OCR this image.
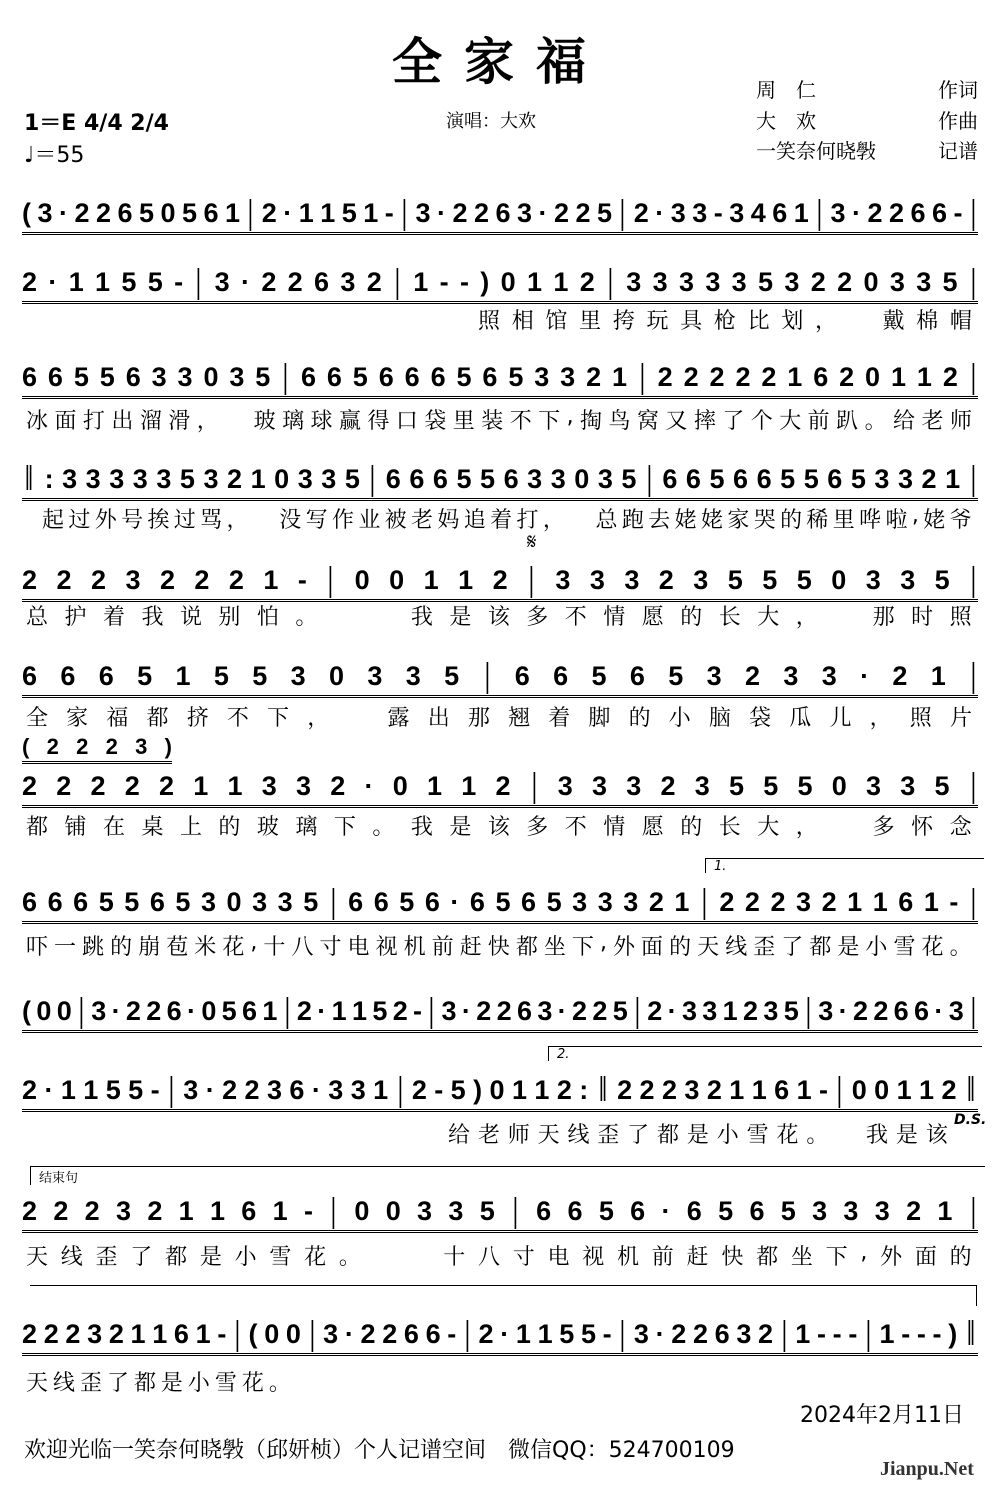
全家福
1＝E 4/4 2/4
♩＝55
演唱：大欢
周　仁	作词
大　欢	作曲
一笑奈何晓斅	记谱
( 3 · 2 2 6 5 0 5 6 1 | 2 · 1 1 5 1 - | 3 · 2 2 6 3 · 2 2 5 | 2 · 3 3 - 3 4 6 1 | 3 · 2 2 6 6 - |
2 · 1 1 5 5 - | 3 · 2 2 6 3 2 | 1 - - ) 0 1 1 2 | 3 3 3 3 3 5 3 2 2 0 3 3 5 |
照 相 馆 里 挎 玩 具 枪 比 划 ，
　 戴 棉 帽
6 6 5 5 6 3 3 0 3 5 | 6 6 5 6 6 6 5 6 5 3 3 2 1 | 2 2 2 2 2 1 6 2 0 1 1 2 |
冰 面 打 出 溜 滑 ，
　 玻 璃 球 赢 得 口 袋 里 装 不 下 , 掏 鸟 窝 又 摔 了 个 大 前 趴 。 给 老 师
‖ : 3 3 3 3 3 5 3 2 1 0 3 3 5 | 6 6 6 5 5 6 3 3 0 3 5 | 6 6 5 6 6 5 5 6 5 3 3 2 1 |
起 过 外 号 挨 过 骂 ，
　 没 写 作 业 被 老 妈 追 着 打 ，
　 总 跑 去 姥 姥 家 哭 的 稀 里 哗 啦 , 姥 爷
𝄋
2 2 2 3 2 2 2 1 - | 0 0 1 1 2 | 3 3 3 2 3 5 5 5 0 3 3 5 |
总 护 着 我 说 别 怕 。

　	我 是 该 多 不 情 愿 的 长 大 ，
　 那 时 照
6 6 6 5 1 5 5 3 0 3 3 5 | 6 6 5 6 5 3 2 3 3 · 2 1 |
全 家 福 都 挤 不 下 ，
　	露 出 那 翘 着 脚 的 小 脑 袋 瓜 儿 ， 照 片
( 2 2 2 3 )
2 2 2 2 2 1 1 3 3 2 · 0 1 1 2 | 3 3 3 2 3 5 5 5 0 3 3 5 |
都 铺 在 桌 上 的 玻 璃 下 。 我 是 该 多 不 情 愿 的 长 大 ，
　 多 怀 念
1.
6 6 6 5 5 6 5 3 0 3 3 5 | 6 6 5 6 · 6 5 6 5 3 3 3 2 1 | 2 2 2 3 2 1 1 6 1 - |
吓 一 跳 的 崩 苞 米 花 , 十 八 寸 电 视 机 前 赶 快 都 坐 下 , 外 面 的 天 线 歪 了 都 是 小 雪 花 。
( 0 0 | 3 · 2 2 6 · 0 5 6 1 | 2 · 1 1 5 2 - | 3 · 2 2 6 3 · 2 2 5 | 2 · 3 3 1 2 3 5 | 3 · 2 2 6 6 · 3 |
2.
2 · 1 1 5 5 - | 3 · 2 2 3 6 · 3 3 1 | 2 - 5 ) 0 1 1 2 : ‖ 2 2 2 3 2 1 1 6 1 - | 0 0 1 1 2 ‖
给 老 师 天 线 歪 了 都 是 小 雪 花 。
　 我 是 该
D.S.
结束句
2 2 2 3 2 1 1 6 1 - | 0 0 3 3 5 | 6 6 5 6 · 6 5 6 5 3 3 3 2 1 |
天 线 歪 了 都 是 小 雪 花 。

　	十 八 寸 电 视 机 前 赶 快 都 坐 下 , 外 面 的
2 2 2 3 2 1 1 6 1 - | ( 0 0 | 3 · 2 2 6 6 - | 2 · 1 1 5 5 - | 3 · 2 2 6 3 2 | 1 - - - | 1 - - - ) ‖
天 线 歪 了 都 是 小 雪 花 。
2024年2月11日
欢迎光临一笑奈何晓斅（邱妍桢）个人记谱空间　微信QQ：524700109
Jianpu.Net
